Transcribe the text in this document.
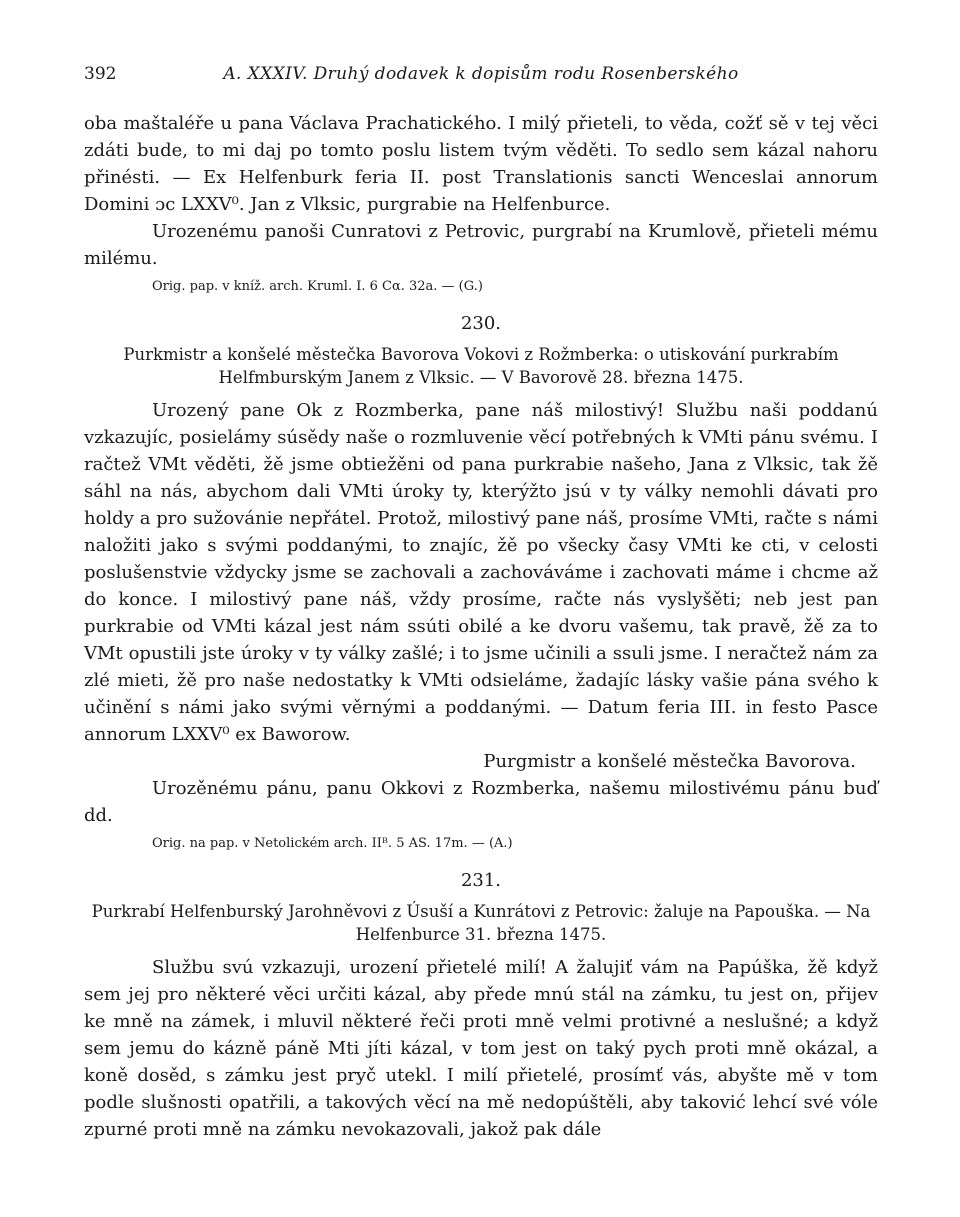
392	A. XXXIV. Druhý dodavek k dopisům rodu Rosenberského

oba maštaléře u pana Václava Prachatického. I milý přieteli, to věda, cožť sě v tej věci zdáti bude, to mi daj po tomto poslu listem tvým věděti. To sedlo sem kázal nahoru přinésti. — Ex Helfenburk feria II. post Translationis sancti Wenceslai annorum Domini ɔc LXXV⁰. Jan z Vlksic, purgrabie na Helfenburce.

Urozenému panoši Cunratovi z Petrovic, purgrabí na Krumlově, přieteli mému milému.

Orig. pap. v kníž. arch. Kruml. I. 6 Cα. 32a. — (G.)

230.
Purkmistr a konšelé městečka Bavorova Vokovi z Rožmberka: o utiskování purkrabím Helfmburským Janem z Vlksic. — V Bavorově 28. března 1475.

Urozený pane Ok z Rozmberka, pane náš milostivý! Službu naši poddanú vzkazujíc, posielámy súsědy naše o rozmluvenie věcí potřebných k VMti pánu svému. I račtež VMt věděti, žě jsme obtiežěni od pana purkrabie našeho, Jana z Vlksic, tak žě sáhl na nás, abychom dali VMti úroky ty, kterýžto jsú v ty války nemohli dávati pro holdy a pro sužovánie nepřátel. Protož, milostivý pane náš, prosíme VMti, račte s námi naložiti jako s svými poddanými, to znajíc, žě po všecky časy VMti ke cti, v celosti poslušenstvie vždycky jsme se zachovali a zachováváme i zachovati máme i chcme až do konce. I milostivý pane náš, vždy prosíme, račte nás vyslyšěti; neb jest pan purkrabie od VMti kázal jest nám ssúti obilé a ke dvoru vašemu, tak pravě, žě za to VMt opustili jste úroky v ty války zašlé; i to jsme učinili a ssuli jsme. I neračtež nám za zlé mieti, žě pro naše nedostatky k VMti odsieláme, žadajíc lásky vašie pána svého k učinění s námi jako svými věrnými a poddanými. — Datum feria III. in festo Pasce annorum LXXV⁰ ex Baworow.

Purgmistr a konšelé městečka Bavorova.

Urozěnému pánu, panu Okkovi z Rozmberka, našemu milostivému pánu buď dd.

Orig. na pap. v Netolickém arch. IIᴮ. 5 AS. 17m. — (A.)

231.
Purkrabí Helfenburský Jarohněvovi z Úsuší a Kunrátovi z Petrovic: žaluje na Papouška. — Na Helfenburce 31. března 1475.

Službu svú vzkazuji, urození přietelé milí! A žalujiť vám na Papúška, žě když sem jej pro některé věci určiti kázal, aby přede mnú stál na zámku, tu jest on, přijev ke mně na zámek, i mluvil některé řeči proti mně velmi protivné a neslušné; a když sem jemu do kázně páně Mti jíti kázal, v tom jest on taký pych proti mně okázal, a koně dosěd, s zámku jest pryč utekl. I milí přietelé, prosímť vás, abyšte mě v tom podle slušnosti opatřili, a takových věcí na mě nedopúštěli, aby taković lehcí své vóle zpurné proti mně na zámku nevokazovali, jakož pak dále
